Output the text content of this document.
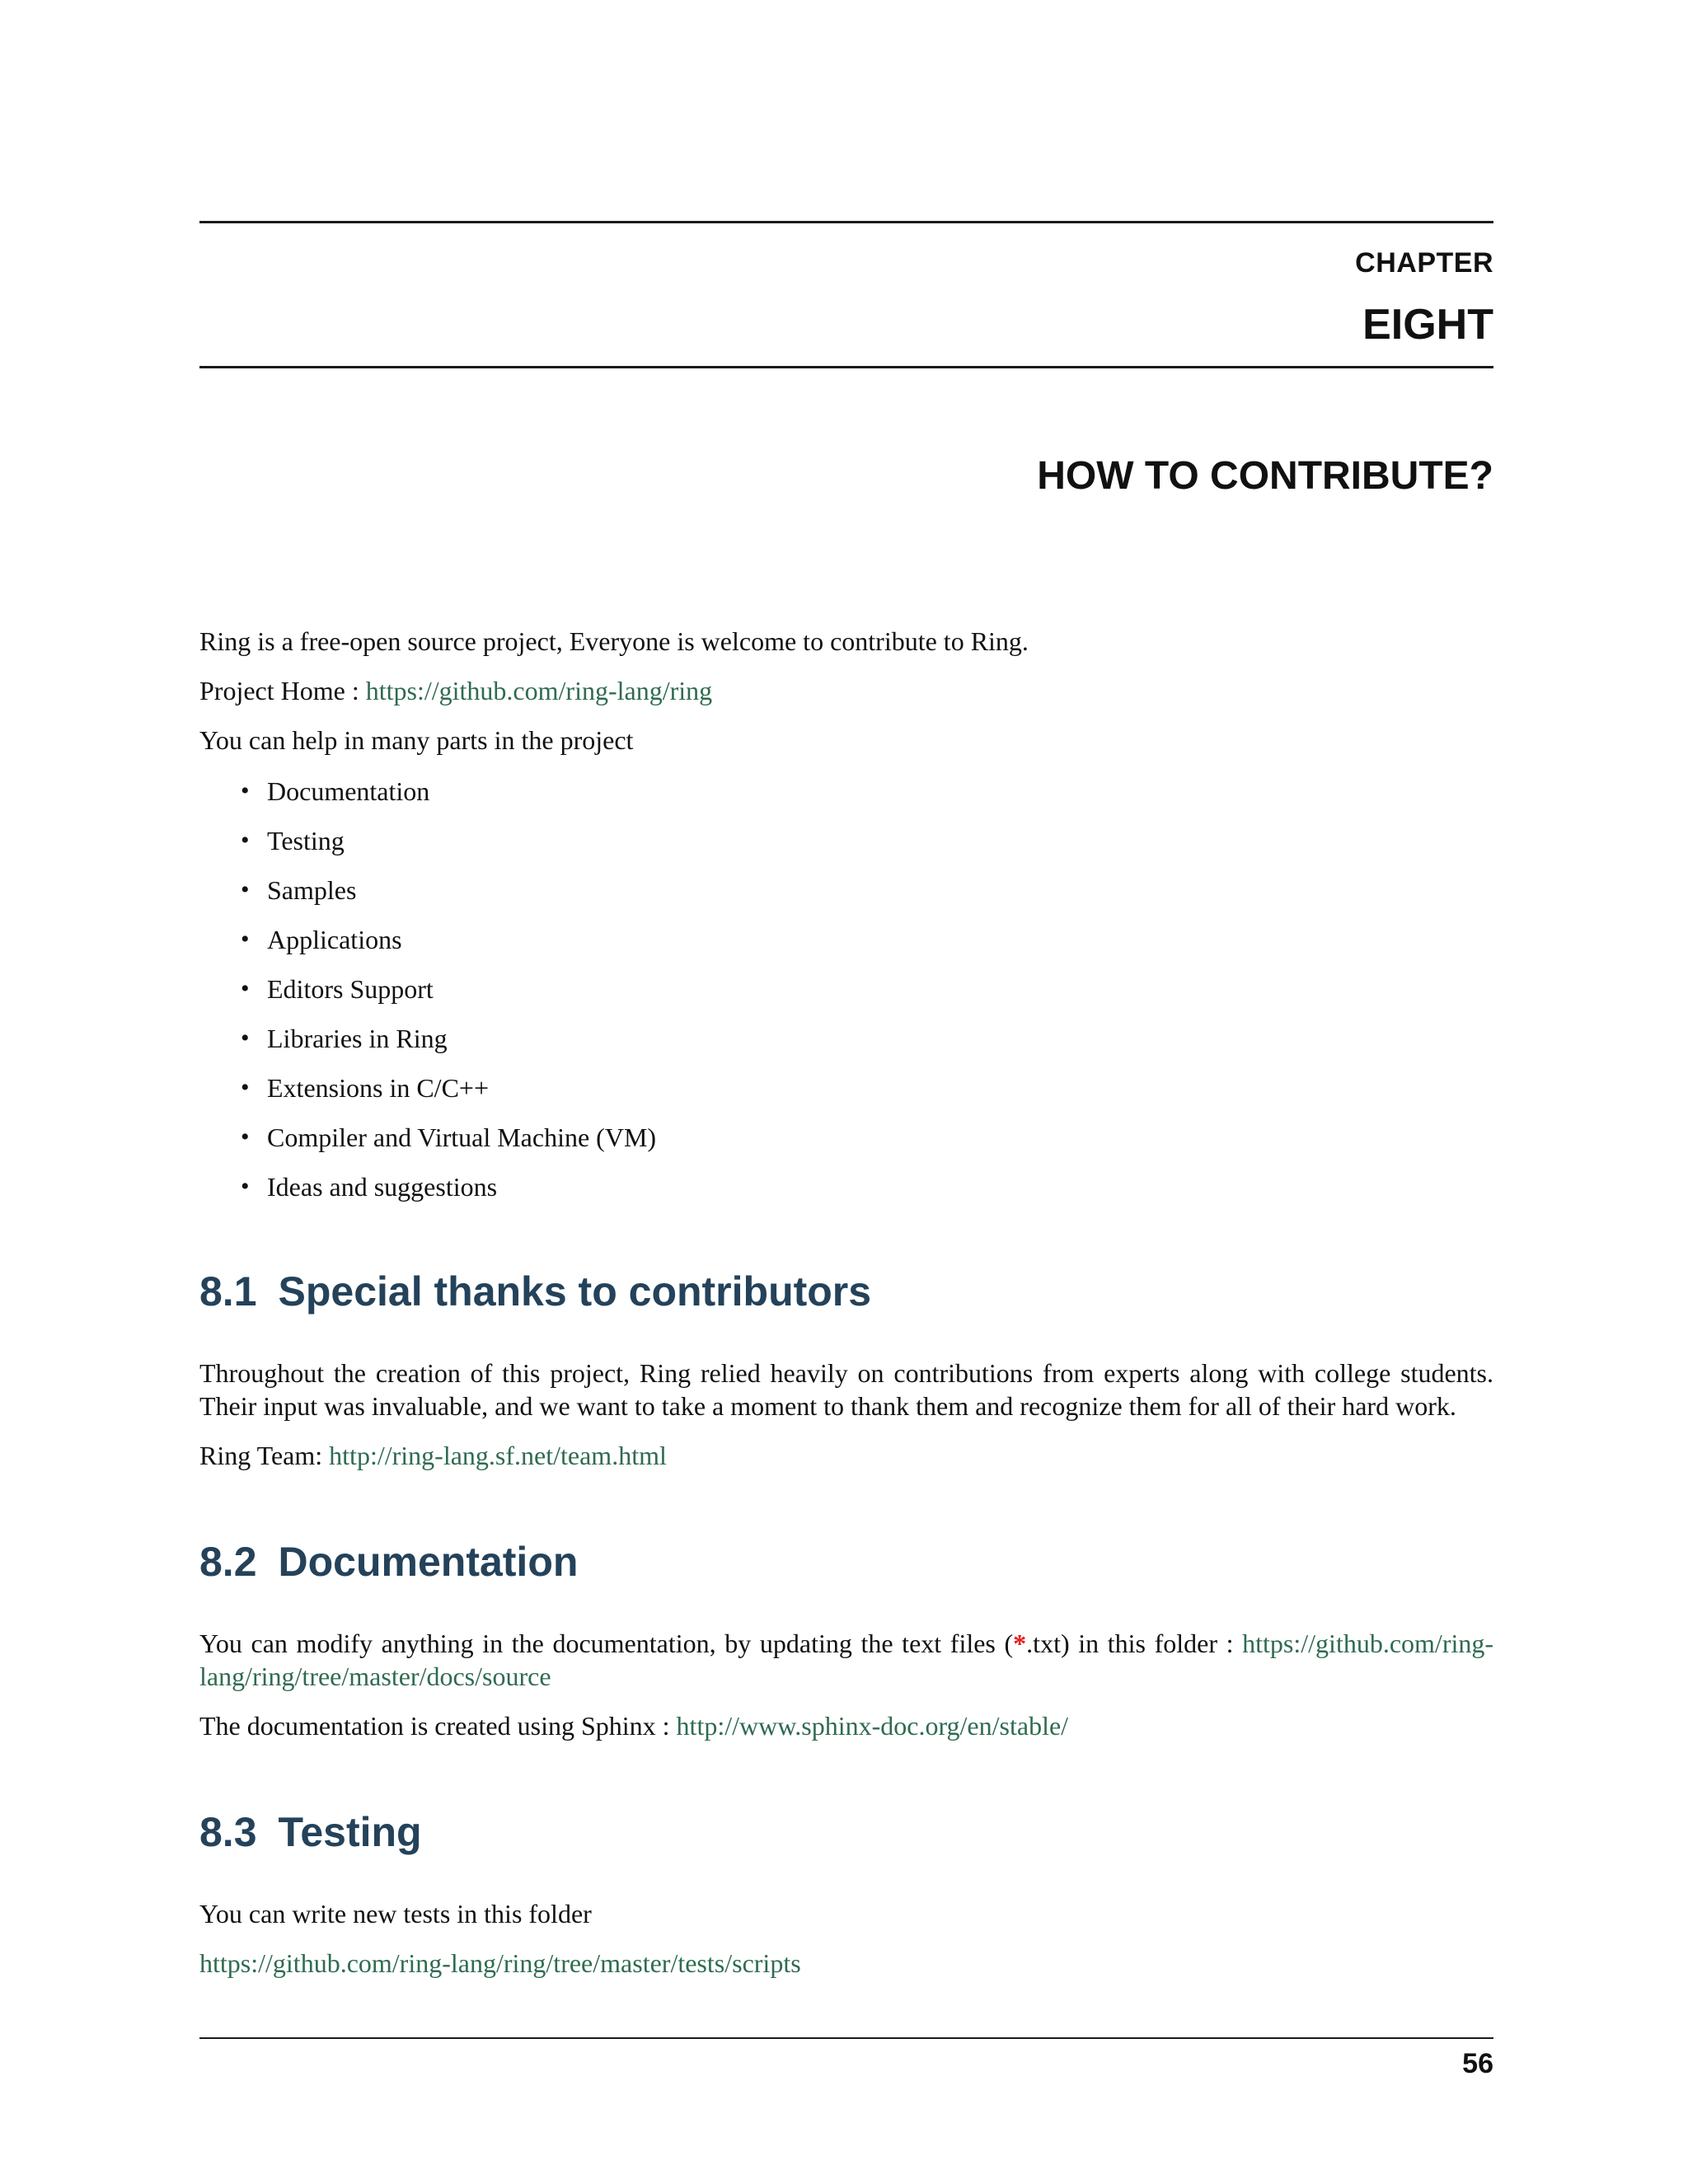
CHAPTER
EIGHT
HOW TO CONTRIBUTE?

Ring is a free-open source project, Everyone is welcome to contribute to Ring.

Project Home : https://github.com/ring-lang/ring

You can help in many parts in the project

• Documentation
• Testing
• Samples
• Applications
• Editors Support
• Libraries in Ring
• Extensions in C/C++
• Compiler and Virtual Machine (VM)
• Ideas and suggestions
8.1 Special thanks to contributors

Throughout the creation of this project, Ring relied heavily on contributions from experts along with college students. Their input was invaluable, and we want to take a moment to thank them and recognize them for all of their hard work.

Ring Team: http://ring-lang.sf.net/team.html

8.2 Documentation

You can modify anything in the documentation, by updating the text files (*.txt) in this folder : https://github.com/ring-lang/ring/tree/master/docs/source

The documentation is created using Sphinx : http://www.sphinx-doc.org/en/stable/

8.3 Testing

You can write new tests in this folder

https://github.com/ring-lang/ring/tree/master/tests/scripts

56
